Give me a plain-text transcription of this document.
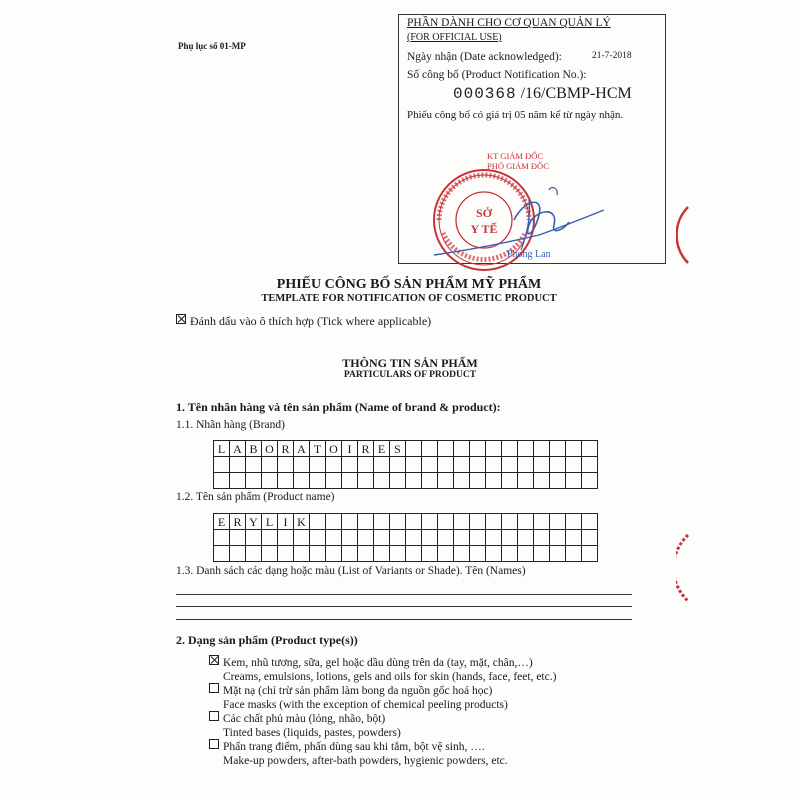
Phụ lục số 01-MP
PHẦN DÀNH CHO CƠ QUAN QUẢN LÝ
(FOR OFFICIAL USE)
Ngày nhận (Date acknowledged):	21-7-2018
Số công bố (Product Notification No.):
000368 /16/CBMP-HCM
Phiếu công bố có giá trị 05 năm kể từ ngày nhận.
SỞ
Y TẾ
KT GIÁM ĐỐC
PHÓ GIÁM ĐỐC
Phong Lan
PHIẾU CÔNG BỐ SẢN PHẨM MỸ PHẨM
TEMPLATE FOR NOTIFICATION OF COSMETIC PRODUCT
Đánh dấu vào ô thích hợp (Tick where applicable)
THÔNG TIN SẢN PHẨM
PARTICULARS OF PRODUCT
1. Tên nhãn hàng và tên sản phẩm (Name of brand & product):
1.1. Nhãn hàng (Brand)
L A B O R A T O I R E S
1.2. Tên sản phẩm (Product name)
E R Y L I K
1.3. Danh sách các dạng hoặc màu (List of Variants or Shade). Tên (Names)
2. Dạng sản phẩm (Product type(s))
Kem, nhũ tương, sữa, gel hoặc dầu dùng trên da (tay, mặt, chân,…)
Creams, emulsions, lotions, gels and oils for skin (hands, face, feet, etc.)
Mặt nạ (chỉ trừ sản phẩm làm bong da nguồn gốc hoá học)
Face masks (with the exception of chemical peeling products)
Các chất phủ màu (lỏng, nhão, bột)
Tinted bases (liquids, pastes, powders)
Phấn trang điểm, phấn dùng sau khi tắm, bột vệ sinh, ….
Make-up powders, after-bath powders, hygienic powders, etc.
